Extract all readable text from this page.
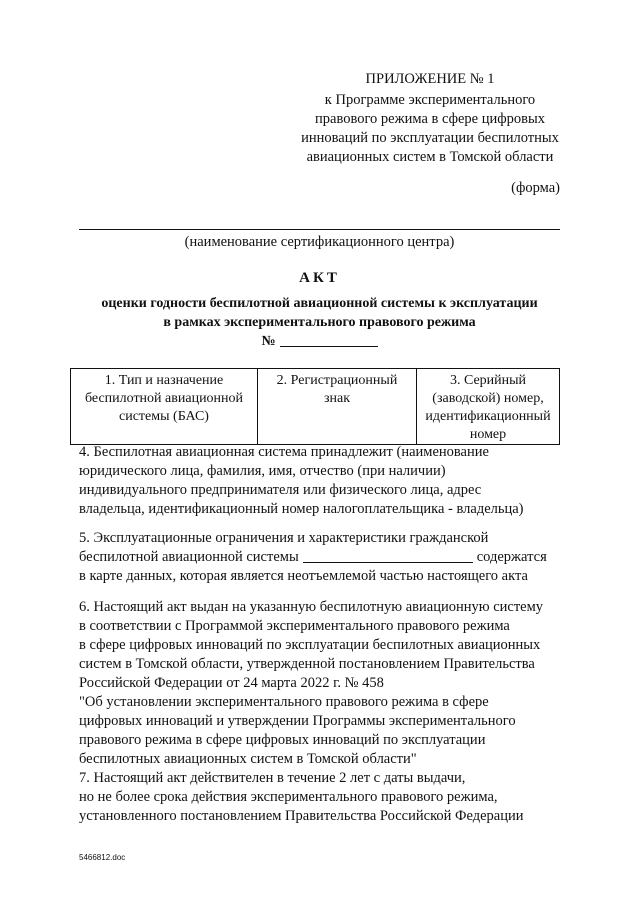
ПРИЛОЖЕНИЕ № 1
к Программе экспериментального
правового режима в сфере цифровых
инноваций по эксплуатации беспилотных
авиационных систем в Томской области
(форма)
(наименование сертификационного центра)
АКТ
оценки годности беспилотной авиационной системы к эксплуатации
в рамках экспериментального правового режима
№
1. Тип и назначение беспилотной авиационной системы (БАС)	2. Регистрационный знак	3. Серийный (заводской) номер, идентификационный номер
4. Беспилотная авиационная система принадлежит (наименование
юридического лица, фамилия, имя, отчество (при наличии)
индивидуального предпринимателя или физического лица, адрес
владельца, идентификационный номер налогоплательщика - владельца)
5. Эксплуатационные ограничения и характеристики гражданской
беспилотной авиационной системы	содержатся
в карте данных, которая является неотъемлемой частью настоящего акта
6. Настоящий акт выдан на указанную беспилотную авиационную систему
в соответствии с Программой экспериментального правового режима
в сфере цифровых инноваций по эксплуатации беспилотных авиационных
систем в Томской области, утвержденной постановлением Правительства
Российской Федерации от 24 марта 2022 г. № 458
"Об установлении экспериментального правового режима в сфере
цифровых инноваций и утверждении Программы экспериментального
правового режима в сфере цифровых инноваций по эксплуатации
беспилотных авиационных систем в Томской области"
7. Настоящий акт действителен в течение 2 лет с даты выдачи,
но не более срока действия экспериментального правового режима,
установленного постановлением Правительства Российской Федерации
5466812.doc
